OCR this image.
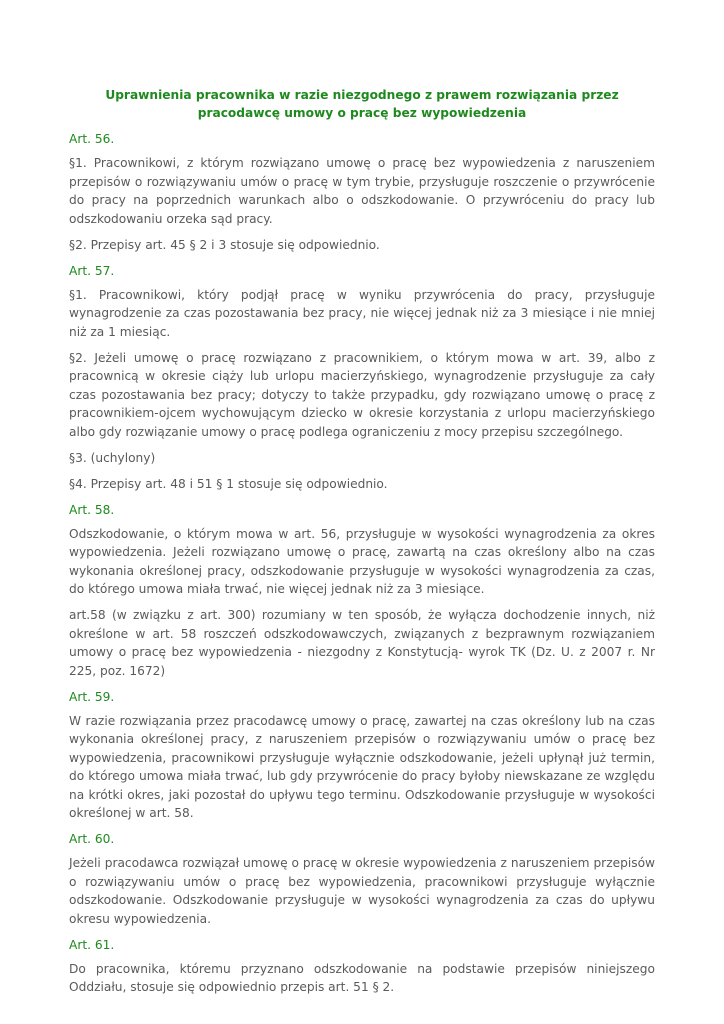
Uprawnienia pracownika w razie niezgodnego z prawem rozwiązania przez pracodawcę umowy o pracę bez wypowiedzenia
Art. 56.

§1. Pracownikowi, z którym rozwiązano umowę o pracę bez wypowiedzenia z naruszeniem przepisów o rozwiązywaniu umów o pracę w tym trybie, przysługuje roszczenie o przywrócenie do pracy na poprzednich warunkach albo o odszkodowanie. O przywróceniu do pracy lub odszkodowaniu orzeka sąd pracy.

§2. Przepisy art. 45 § 2 i 3 stosuje się odpowiednio.

Art. 57.

§1. Pracownikowi, który podjął pracę w wyniku przywrócenia do pracy, przysługuje wynagrodzenie za czas pozostawania bez pracy, nie więcej jednak niż za 3 miesiące i nie mniej niż za 1 miesiąc.

§2. Jeżeli umowę o pracę rozwiązano z pracownikiem, o którym mowa w art. 39, albo z pracownicą w okresie ciąży lub urlopu macierzyńskiego, wynagrodzenie przysługuje za cały czas pozostawania bez pracy; dotyczy to także przypadku, gdy rozwiązano umowę o pracę z pracownikiem-ojcem wychowującym dziecko w okresie korzystania z urlopu macierzyńskiego albo gdy rozwiązanie umowy o pracę podlega ograniczeniu z mocy przepisu szczególnego.

§3. (uchylony)

§4. Przepisy art. 48 i 51 § 1 stosuje się odpowiednio.

Art. 58.

Odszkodowanie, o którym mowa w art. 56, przysługuje w wysokości wynagrodzenia za okres wypowiedzenia. Jeżeli rozwiązano umowę o pracę, zawartą na czas określony albo na czas wykonania określonej pracy, odszkodowanie przysługuje w wysokości wynagrodzenia za czas, do którego umowa miała trwać, nie więcej jednak niż za 3 miesiące.

art.58 (w związku z art. 300) rozumiany w ten sposób, że wyłącza dochodzenie innych, niż określone w art. 58 roszczeń odszkodowawczych, związanych z bezprawnym rozwiązaniem umowy o pracę bez wypowiedzenia - niezgodny z Konstytucją- wyrok TK (Dz. U. z 2007 r. Nr 225, poz. 1672)

Art. 59.

W razie rozwiązania przez pracodawcę umowy o pracę, zawartej na czas określony lub na czas wykonania określonej pracy, z naruszeniem przepisów o rozwiązywaniu umów o pracę bez wypowiedzenia, pracownikowi przysługuje wyłącznie odszkodowanie, jeżeli upłynął już termin, do którego umowa miała trwać, lub gdy przywrócenie do pracy byłoby niewskazane ze względu na krótki okres, jaki pozostał do upływu tego terminu. Odszkodowanie przysługuje w wysokości określonej w art. 58.

Art. 60.

Jeżeli pracodawca rozwiązał umowę o pracę w okresie wypowiedzenia z naruszeniem przepisów o rozwiązywaniu umów o pracę bez wypowiedzenia, pracownikowi przysługuje wyłącznie odszkodowanie. Odszkodowanie przysługuje w wysokości wynagrodzenia za czas do upływu okresu wypowiedzenia.

Art. 61.

Do pracownika, któremu przyznano odszkodowanie na podstawie przepisów niniejszego Oddziału, stosuje się odpowiednio przepis art. 51 § 2.
